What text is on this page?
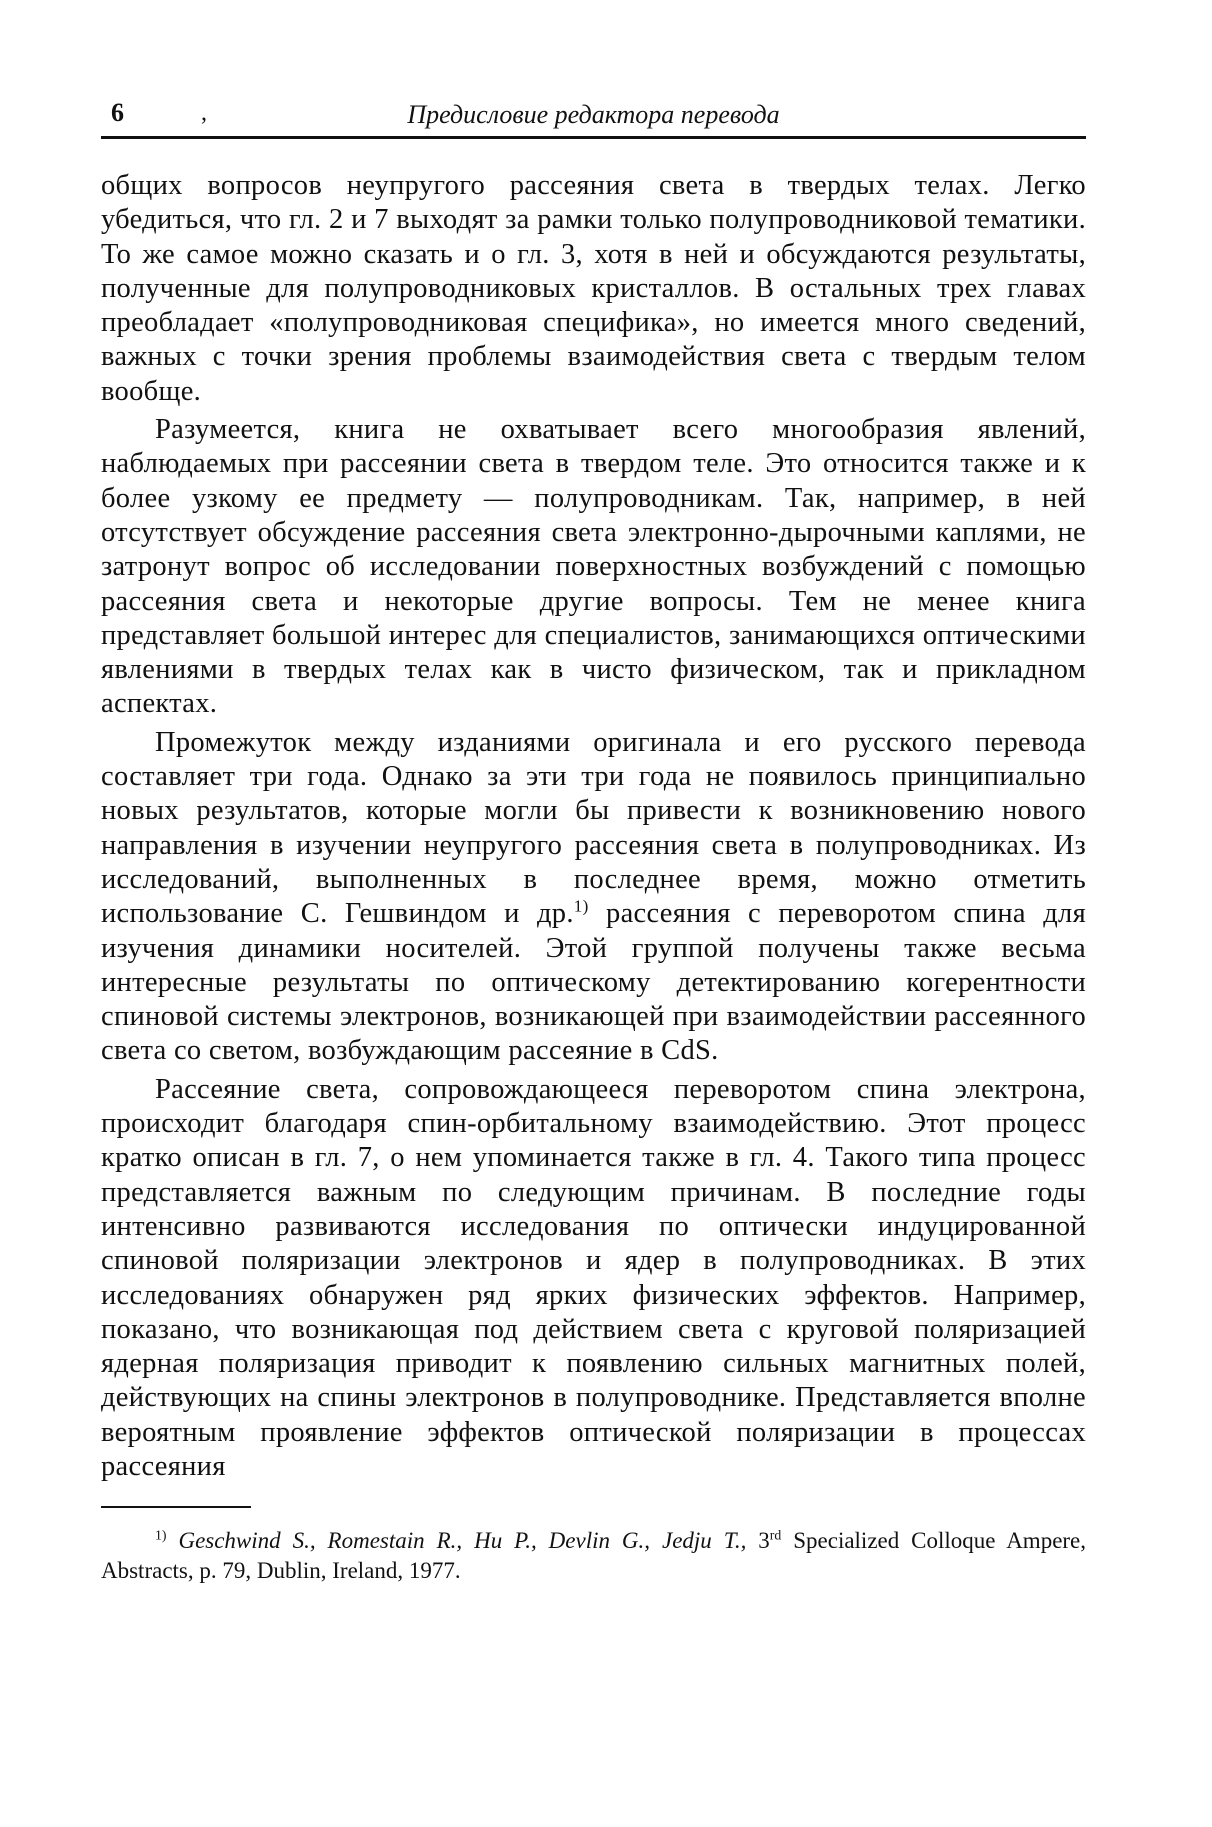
6	,	Предисловие редактора перевода

общих вопросов неупругого рассеяния света в твердых телах. Легко убедиться, что гл. 2 и 7 выходят за рамки только полупроводниковой тематики. То же самое можно сказать и о гл. 3, хотя в ней и обсуждаются результаты, полученные для полупроводниковых кристаллов. В остальных трех главах преобладает «полупроводниковая специфика», но имеется много сведений, важных с точки зрения проблемы взаимодействия света с твердым телом вообще.

Разумеется, книга не охватывает всего многообразия явлений, наблюдаемых при рассеянии света в твердом теле. Это относится также и к более узкому ее предмету — полупроводникам. Так, например, в ней отсутствует обсуждение рассеяния света электронно-дырочными каплями, не затронут вопрос об исследовании поверхностных возбуждений с помощью рассеяния света и некоторые другие вопросы. Тем не менее книга представляет большой интерес для специалистов, занимающихся оптическими явлениями в твердых телах как в чисто физическом, так и прикладном аспектах.

Промежуток между изданиями оригинала и его русского перевода составляет три года. Однако за эти три года не появилось принципиально новых результатов, которые могли бы привести к возникновению нового направления в изучении неупругого рассеяния света в полупроводниках. Из исследований, выполненных в последнее время, можно отметить использование С. Гешвиндом и др.$^{1)}$ рассеяния с переворотом спина для изучения динамики носителей. Этой группой получены также весьма интересные результаты по оптическому детектированию когерентности спиновой системы электронов, возникающей при взаимодействии рассеянного света со светом, возбуждающим рассеяние в CdS.

Рассеяние света, сопровождающееся переворотом спина электрона, происходит благодаря спин-орбитальному взаимодействию. Этот процесс кратко описан в гл. 7, о нем упоминается также в гл. 4. Такого типа процесс представляется важным по следующим причинам. В последние годы интенсивно развиваются исследования по оптически индуцированной спиновой поляризации электронов и ядер в полупроводниках. В этих исследованиях обнаружен ряд ярких физических эффектов. Например, показано, что возникающая под действием света с круговой поляризацией ядерная поляризация приводит к появлению сильных магнитных полей, действующих на спины электронов в полупроводнике. Представляется вполне вероятным проявление эффектов оптической поляризации в процессах рассеяния

$^{1)}$ Geschwind S., Romestain R., Hu P., Devlin G., Jedju T., 3rd Specialized Colloque Ampere, Abstracts, p. 79, Dublin, Ireland, 1977.
